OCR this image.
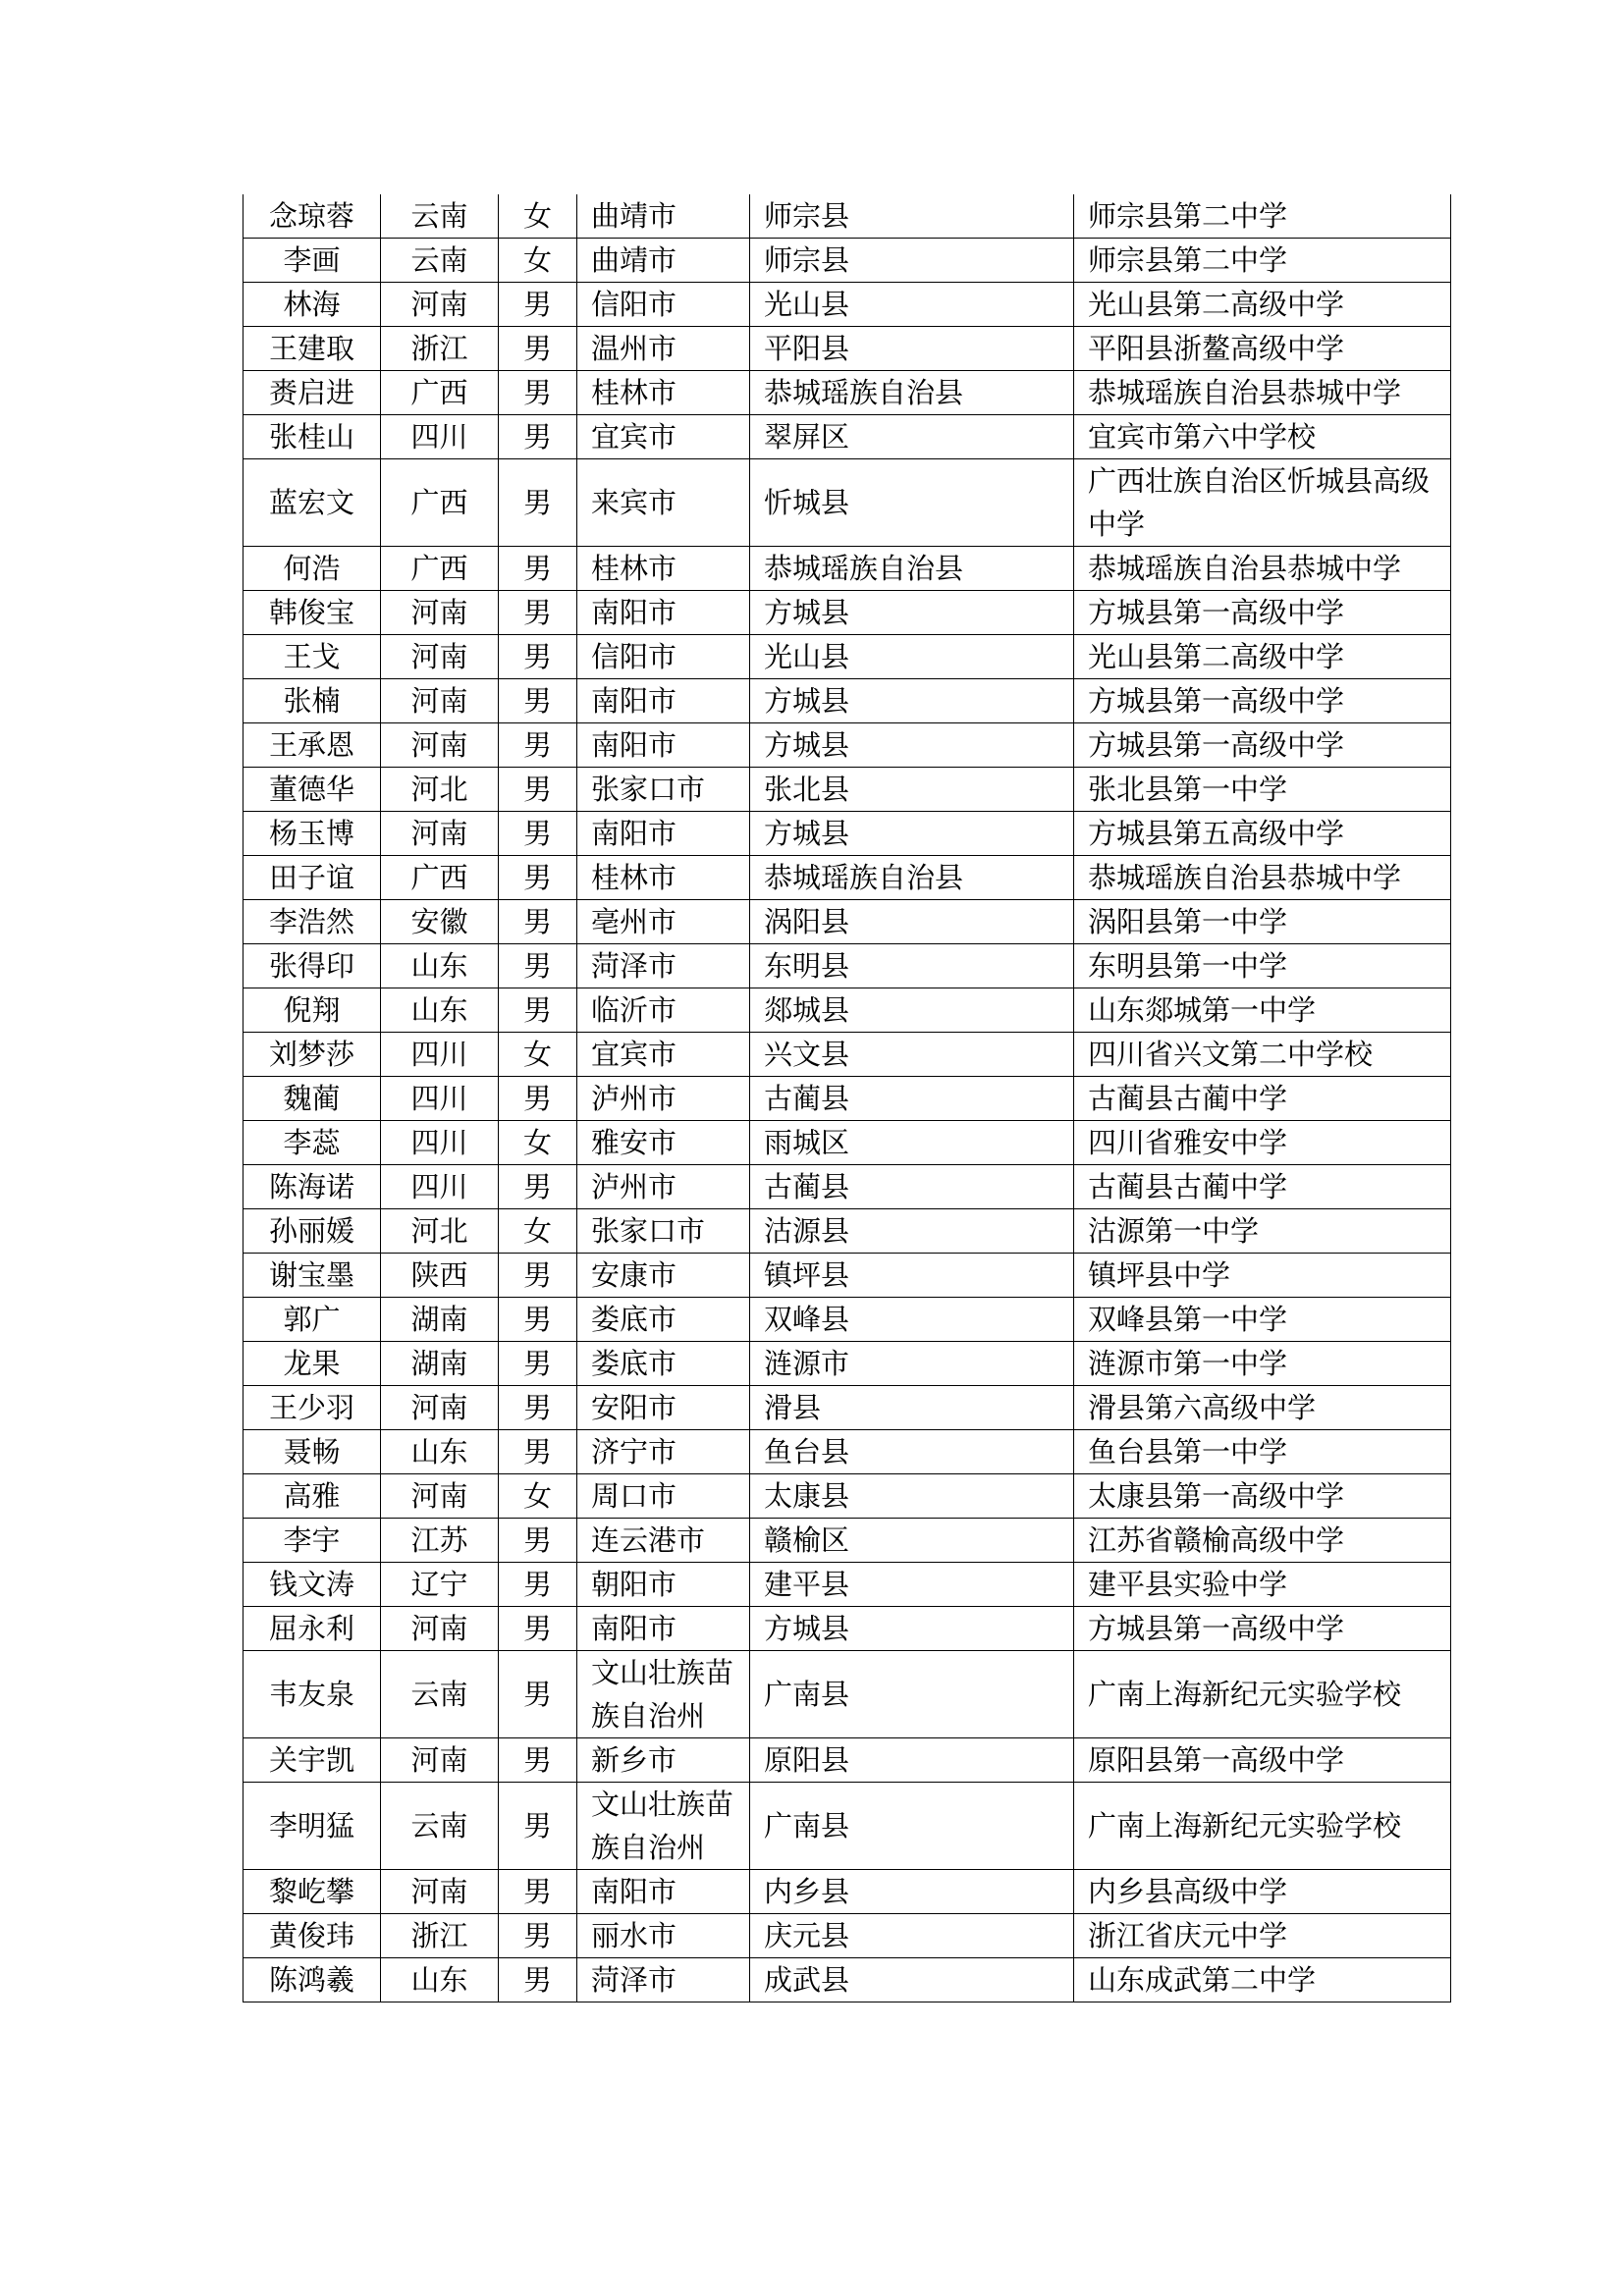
念琼蓉	云南	女	曲靖市	师宗县	师宗县第二中学
李画	云南	女	曲靖市	师宗县	师宗县第二中学
林海	河南	男	信阳市	光山县	光山县第二高级中学
王建取	浙江	男	温州市	平阳县	平阳县浙鳌高级中学
赉启进	广西	男	桂林市	恭城瑶族自治县	恭城瑶族自治县恭城中学
张桂山	四川	男	宜宾市	翠屏区	宜宾市第六中学校
蓝宏文	广西	男	来宾市	忻城县	广西壮族自治区忻城县高级中学
何浩	广西	男	桂林市	恭城瑶族自治县	恭城瑶族自治县恭城中学
韩俊宝	河南	男	南阳市	方城县	方城县第一高级中学
王戈	河南	男	信阳市	光山县	光山县第二高级中学
张楠	河南	男	南阳市	方城县	方城县第一高级中学
王承恩	河南	男	南阳市	方城县	方城县第一高级中学
董德华	河北	男	张家口市	张北县	张北县第一中学
杨玉博	河南	男	南阳市	方城县	方城县第五高级中学
田子谊	广西	男	桂林市	恭城瑶族自治县	恭城瑶族自治县恭城中学
李浩然	安徽	男	亳州市	涡阳县	涡阳县第一中学
张得印	山东	男	菏泽市	东明县	东明县第一中学
倪翔	山东	男	临沂市	郯城县	山东郯城第一中学
刘梦莎	四川	女	宜宾市	兴文县	四川省兴文第二中学校
魏蔺	四川	男	泸州市	古蔺县	古蔺县古蔺中学
李蕊	四川	女	雅安市	雨城区	四川省雅安中学
陈海诺	四川	男	泸州市	古蔺县	古蔺县古蔺中学
孙丽媛	河北	女	张家口市	沽源县	沽源第一中学
谢宝墨	陕西	男	安康市	镇坪县	镇坪县中学
郭广	湖南	男	娄底市	双峰县	双峰县第一中学
龙果	湖南	男	娄底市	涟源市	涟源市第一中学
王少羽	河南	男	安阳市	滑县	滑县第六高级中学
聂畅	山东	男	济宁市	鱼台县	鱼台县第一中学
高雅	河南	女	周口市	太康县	太康县第一高级中学
李宇	江苏	男	连云港市	赣榆区	江苏省赣榆高级中学
钱文涛	辽宁	男	朝阳市	建平县	建平县实验中学
屈永利	河南	男	南阳市	方城县	方城县第一高级中学
韦友泉	云南	男	文山壮族苗族自治州	广南县	广南上海新纪元实验学校
关宇凯	河南	男	新乡市	原阳县	原阳县第一高级中学
李明猛	云南	男	文山壮族苗族自治州	广南县	广南上海新纪元实验学校
黎屹攀	河南	男	南阳市	内乡县	内乡县高级中学
黄俊玮	浙江	男	丽水市	庆元县	浙江省庆元中学
陈鸿羲	山东	男	菏泽市	成武县	山东成武第二中学
